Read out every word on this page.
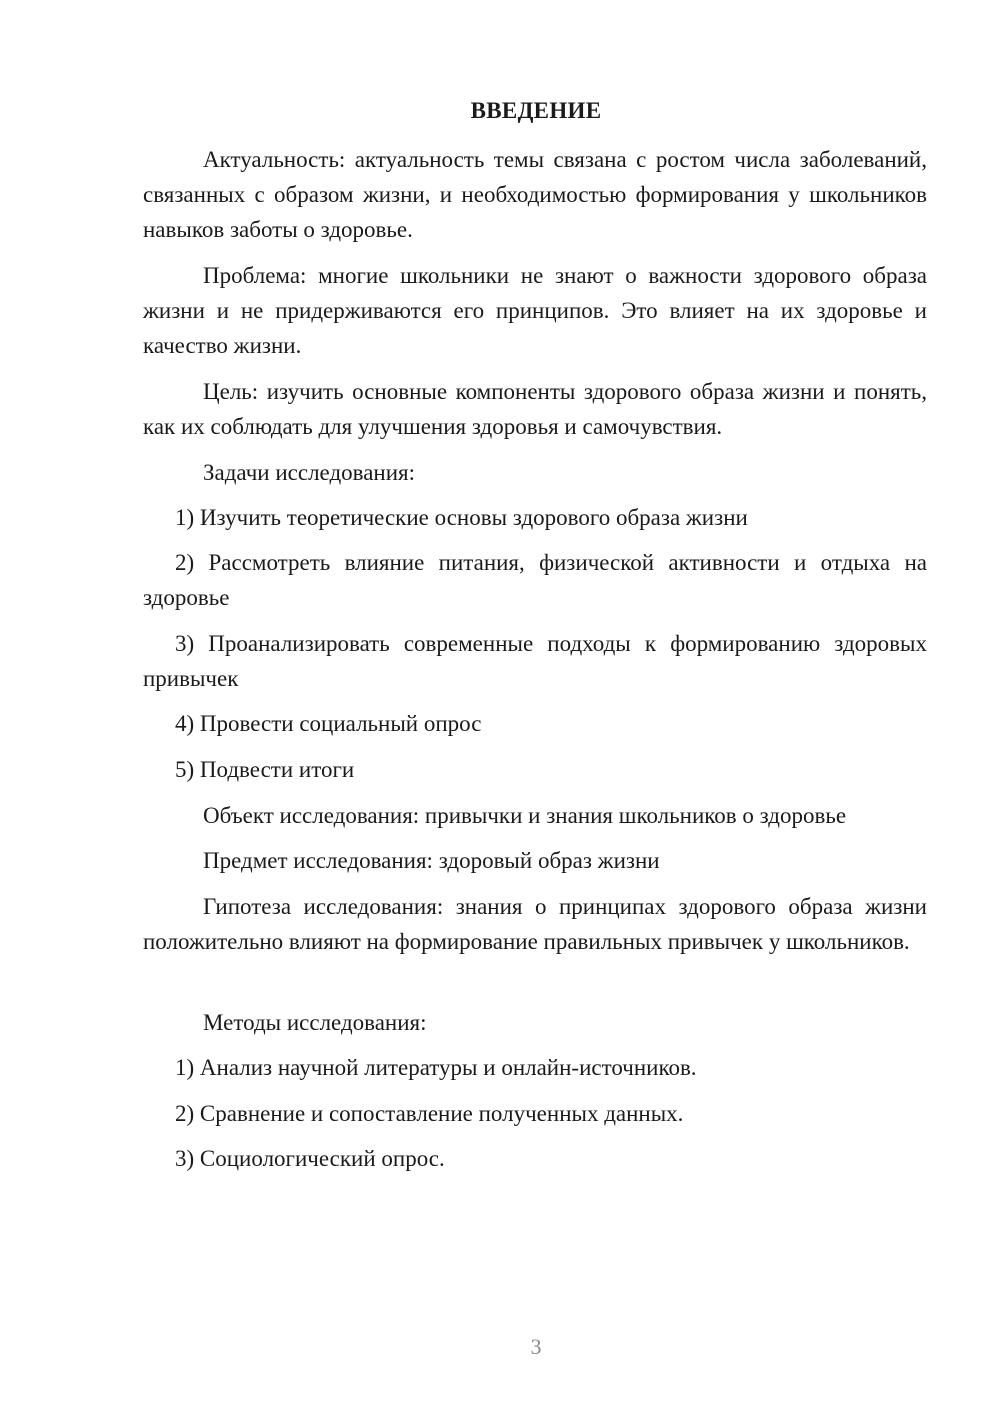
ВВЕДЕНИЕ

Актуальность: актуальность темы связана с ростом числа заболеваний, связанных с образом жизни, и необходимостью формирования у школьников навыков заботы о здоровье.

Проблема: многие школьники не знают о важности здорового образа жизни и не придерживаются его принципов. Это влияет на их здоровье и качество жизни.

Цель: изучить основные компоненты здорового образа жизни и понять, как их соблюдать для улучшения здоровья и самочувствия.

Задачи исследования:

1) Изучить теоретические основы здорового образа жизни

2) Рассмотреть влияние питания, физической активности и отдыха на здоровье

3) Проанализировать современные подходы к формированию здоровых привычек

4) Провести социальный опрос

5) Подвести итоги

Объект исследования: привычки и знания школьников о здоровье

Предмет исследования: здоровый образ жизни

Гипотеза исследования: знания о принципах здорового образа жизни положительно влияют на формирование правильных привычек у школьников.

Методы исследования:

1) Анализ научной литературы и онлайн-источников.

2) Сравнение и сопоставление полученных данных.

3) Социологический опрос.

3
